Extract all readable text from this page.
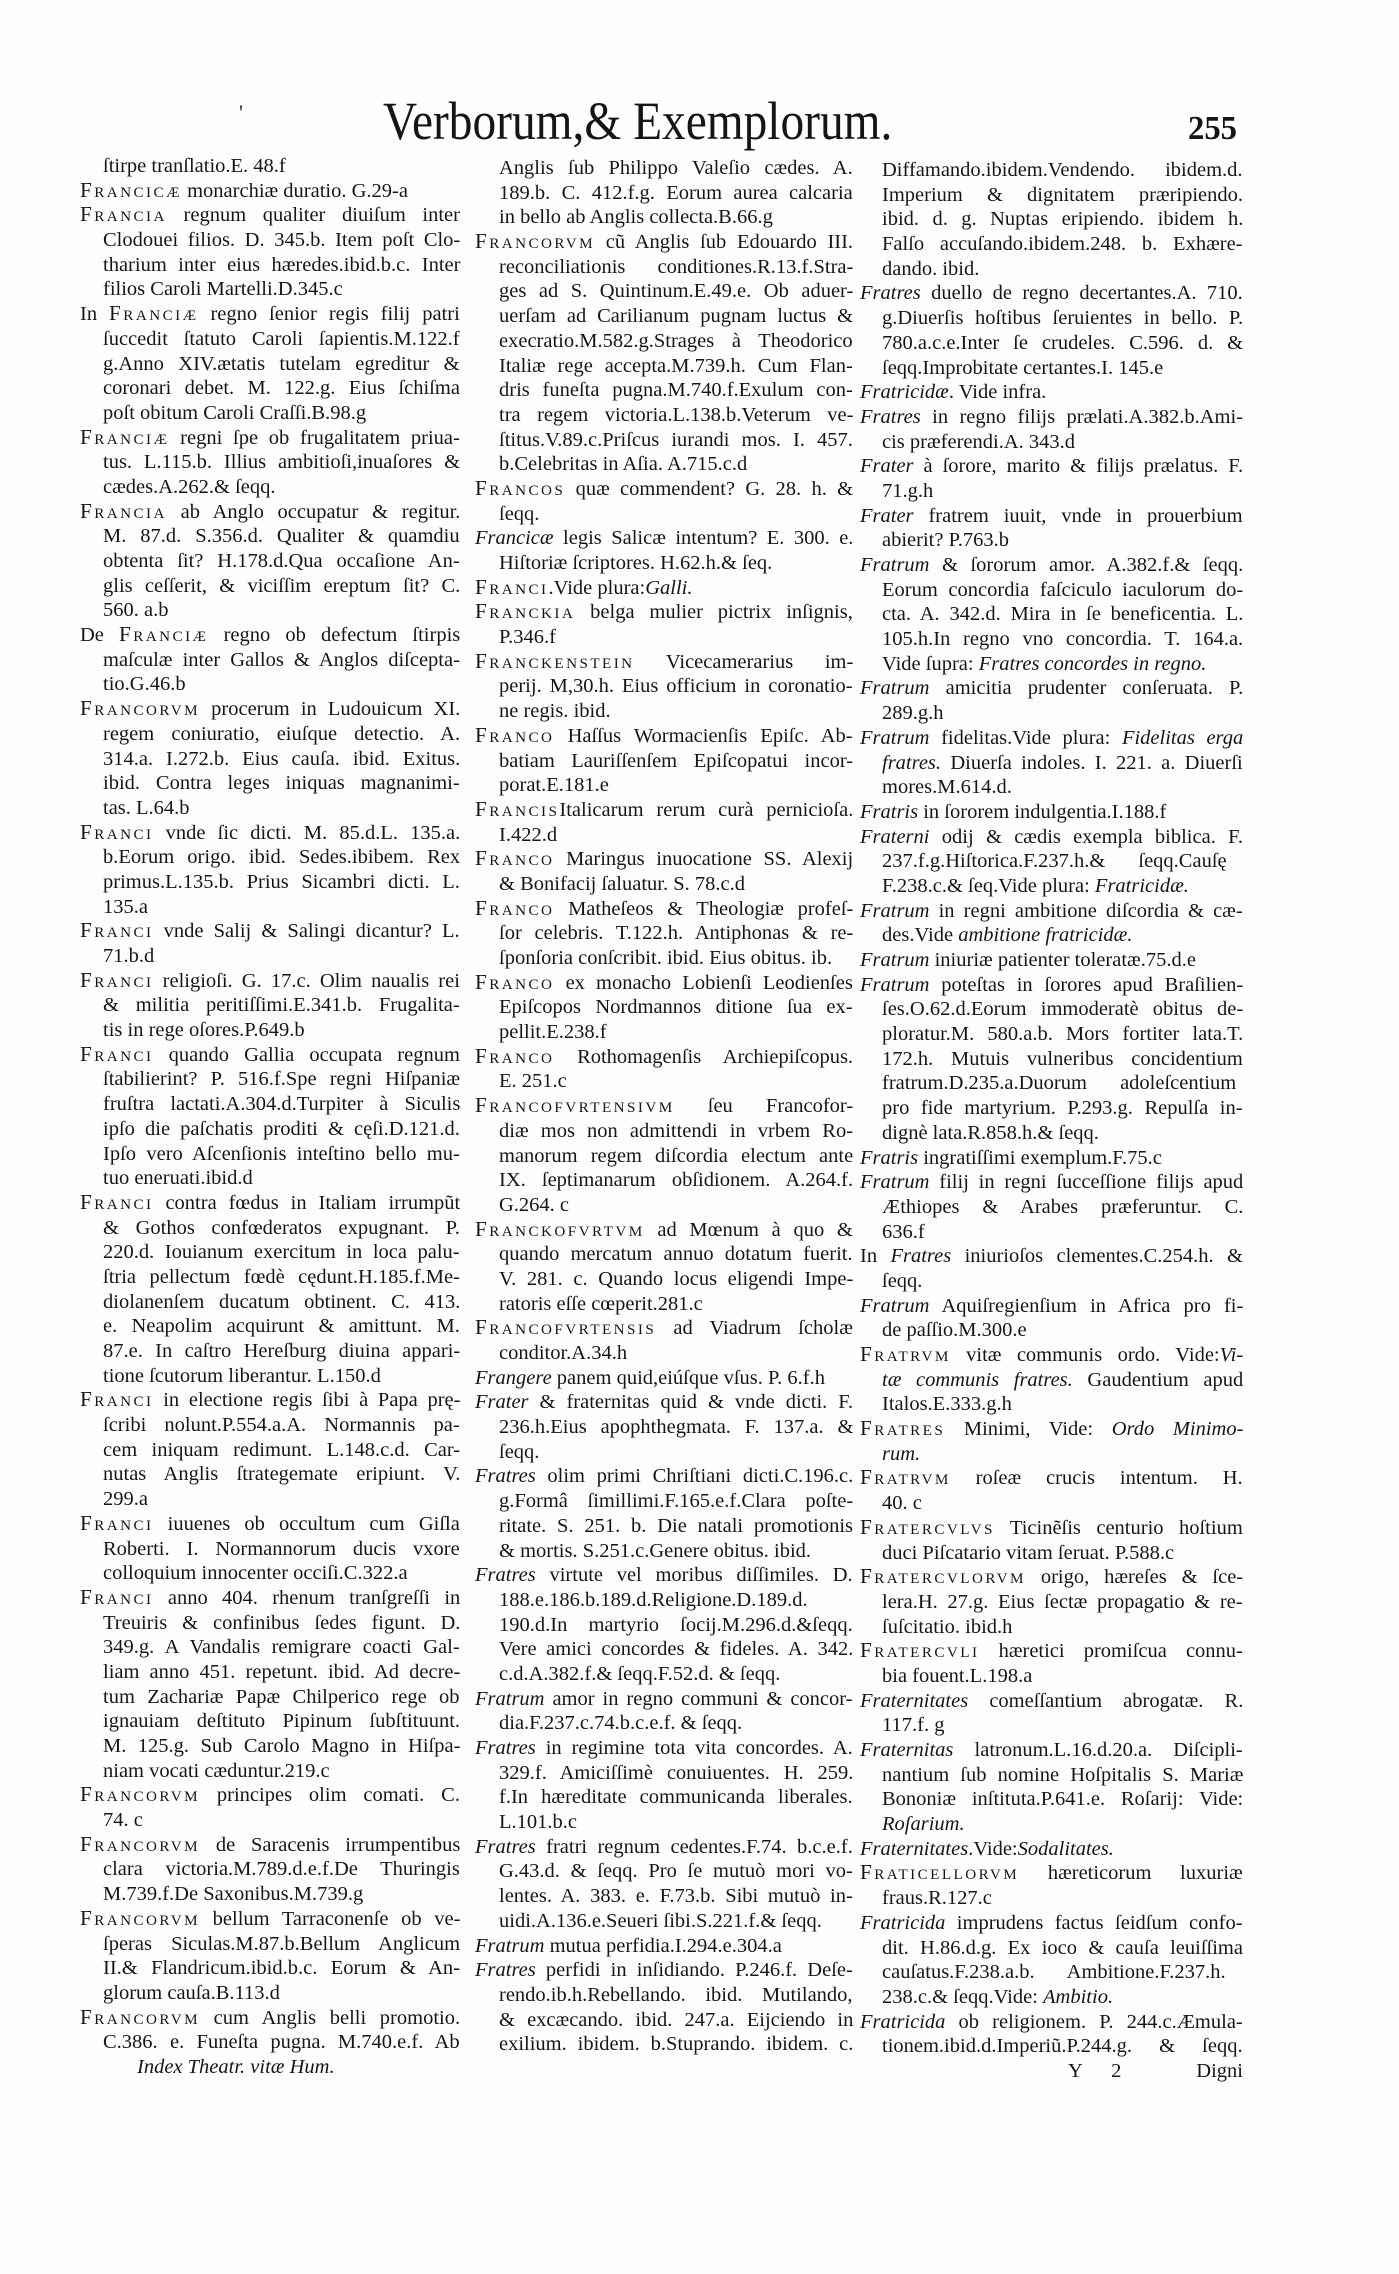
'	Verborum,& Exemplorum.	255
ſtirpe tranſlatio.E. 48.f
FRANCICÆ monarchiæ duratio. G.29-a
FRANCIA regnum qualiter diuiſum inter
Clodouei filios. D. 345.b. Item poſt Clo-
tharium inter eius hæredes.ibid.b.c. Inter
filios Caroli Martelli.D.345.c
In FRANCIÆ regno ſenior regis filij patri
ſuccedit ſtatuto Caroli ſapientis.M.122.f
g.Anno XIV.ætatis tutelam egreditur &
coronari debet. M. 122.g. Eius ſchiſma
poſt obitum Caroli Craſſi.B.98.g
FRANCIÆ regni ſpe ob frugalitatem priua-
tus. L.115.b. Illius ambitioſi,inuaſores &
cædes.A.262.& ſeqq.
FRANCIA ab Anglo occupatur & regitur.
M. 87.d. S.356.d. Qualiter & quamdiu
obtenta ſit? H.178.d.Qua occaſione An-
glis ceſſerit, & viciſſim ereptum ſit? C.
560. a.b
De FRANCIÆ regno ob defectum ſtirpis
maſculæ inter Gallos & Anglos diſcepta-
tio.G.46.b
FRANCORVM procerum in Ludouicum XI.
regem coniuratio, eiuſque detectio. A.
314.a. I.272.b. Eius cauſa. ibid. Exitus.
ibid. Contra leges iniquas magnanimi-
tas. L.64.b
FRANCI vnde ſic dicti. M. 85.d.L. 135.a.
b.Eorum origo. ibid. Sedes.ibibem. Rex
primus.L.135.b. Prius Sicambri dicti. L.
135.a
FRANCI vnde Salij & Salingi dicantur? L.
71.b.d
FRANCI religioſi. G. 17.c. Olim naualis rei
& militia peritiſſimi.E.341.b. Frugalita-
tis in rege oſores.P.649.b
FRANCI quando Gallia occupata regnum
ſtabilierint? P. 516.f.Spe regni Hiſpaniæ
fruſtra lactati.A.304.d.Turpiter à Siculis
ipſo die paſchatis proditi & cęſi.D.121.d.
Ipſo vero Aſcenſionis inteſtino bello mu-
tuo eneruati.ibid.d
FRANCI contra fœdus in Italiam irrumpũt
& Gothos confœderatos expugnant. P.
220.d. Iouianum exercitum in loca palu-
ſtria pellectum fœdè cędunt.H.185.f.Me-
diolanenſem ducatum obtinent. C. 413.
e. Neapolim acquirunt & amittunt. M.
87.e. In caſtro Hereſburg diuina appari-
tione ſcutorum liberantur. L.150.d
FRANCI in electione regis ſibi à Papa prę-
ſcribi nolunt.P.554.a.A. Normannis pa-
cem iniquam redimunt. L.148.c.d. Car-
nutas Anglis ſtrategemate eripiunt. V.
299.a
FRANCI iuuenes ob occultum cum Giſla
Roberti. I. Normannorum ducis vxore
colloquium innocenter occiſi.C.322.a
FRANCI anno 404. rhenum tranſgreſſi in
Treuiris & confinibus ſedes figunt. D.
349.g. A Vandalis remigrare coacti Gal-
liam anno 451. repetunt. ibid. Ad decre-
tum Zachariæ Papæ Chilperico rege ob
ignauiam deſtituto Pipinum ſubſtituunt.
M. 125.g. Sub Carolo Magno in Hiſpa-
niam vocati cæduntur.219.c
FRANCORVM principes olim comati. C.
74. c
FRANCORVM de Saracenis irrumpentibus
clara victoria.M.789.d.e.f.De Thuringis
M.739.f.De Saxonibus.M.739.g
FRANCORVM bellum Tarraconenſe ob ve-
ſperas Siculas.M.87.b.Bellum Anglicum
II.& Flandricum.ibid.b.c. Eorum & An-
glorum cauſa.B.113.d
FRANCORVM cum Anglis belli promotio.
C.386. e. Funeſta pugna. M.740.e.f. Ab
Index Theatr. vitæ Hum.
Anglis ſub Philippo Valeſio cædes. A.
189.b. C. 412.f.g. Eorum aurea calcaria
in bello ab Anglis collecta.B.66.g
FRANCORVM cũ Anglis ſub Edouardo III.
reconciliationis conditiones.R.13.f.Stra-
ges ad S. Quintinum.E.49.e. Ob aduer-
uerſam ad Carilianum pugnam luctus &
execratio.M.582.g.Strages à Theodorico
Italiæ rege accepta.M.739.h. Cum Flan-
dris funeſta pugna.M.740.f.Exulum con-
tra regem victoria.L.138.b.Veterum ve-
ſtitus.V.89.c.Priſcus iurandi mos. I. 457.
b.Celebritas in Aſia. A.715.c.d
FRANCOS quæ commendent? G. 28. h. &
ſeqq.
Francicæ legis Salicæ intentum? E. 300. e.
Hiſtoriæ ſcriptores. H.62.h.& ſeq.
FRANCI.Vide plura:Galli.
FRANCKIA belga mulier pictrix inſignis,
P.346.f
FRANCKENSTEIN Vicecamerarius im-
perij. M,30.h. Eius officium in coronatio-
ne regis. ibid.
FRANCO Haſſus Wormacienſis Epiſc. Ab-
batiam Lauriſſenſem Epiſcopatui incor-
porat.E.181.e
FRANCISItalicarum rerum curà pernicioſa.
I.422.d
FRANCO Maringus inuocatione SS. Alexij
& Bonifacij ſaluatur. S. 78.c.d
FRANCO Matheſeos & Theologiæ profeſ-
ſor celebris. T.122.h. Antiphonas & re-
ſponſoria conſcribit. ibid. Eius obitus. ib.
FRANCO ex monacho Lobienſi Leodienſes
Epiſcopos Nordmannos ditione ſua ex-
pellit.E.238.f
FRANCO Rothomagenſis Archiepiſcopus.
E. 251.c
FRANCOFVRTENSIVM ſeu Francofor-
diæ mos non admittendi in vrbem Ro-
manorum regem diſcordia electum ante
IX. ſeptimanarum obſidionem. A.264.f.
G.264. c
FRANCKOFVRTVM ad Mœnum à quo &
quando mercatum annuo dotatum fuerit.
V. 281. c. Quando locus eligendi Impe-
ratoris eſſe cœperit.281.c
FRANCOFVRTENSIS ad Viadrum ſcholæ
conditor.A.34.h
Frangere panem quid,eiúſque vſus. P. 6.f.h
Frater & fraternitas quid & vnde dicti. F.
236.h.Eius apophthegmata. F. 137.a. &
ſeqq.
Fratres olim primi Chriſtiani dicti.C.196.c.
g.Formâ ſimillimi.F.165.e.f.Clara poſte-
ritate. S. 251. b. Die natali promotionis
& mortis. S.251.c.Genere obitus. ibid.
Fratres virtute vel moribus diſſimiles. D.
188.e.186.b.189.d.Religione.D.189.d.
190.d.In martyrio ſocij.M.296.d.&ſeqq.
Vere amici concordes & fideles. A. 342.
c.d.A.382.f.& ſeqq.F.52.d. & ſeqq.
Fratrum amor in regno communi & concor-
dia.F.237.c.74.b.c.e.f. & ſeqq.
Fratres in regimine tota vita concordes. A.
329.f. Amiciſſimè conuiuentes. H. 259.
f.In hæreditate communicanda liberales.
L.101.b.c
Fratres fratri regnum cedentes.F.74. b.c.e.f.
G.43.d. & ſeqq. Pro ſe mutuò mori vo-
lentes. A. 383. e. F.73.b. Sibi mutuò in-
uidi.A.136.e.Seueri ſibi.S.221.f.& ſeqq.
Fratrum mutua perfidia.I.294.e.304.a
Fratres perfidi in inſidiando. P.246.f. Deſe-
rendo.ib.h.Rebellando. ibid. Mutilando,
& excæcando. ibid. 247.a. Eijciendo in
exilium. ibidem. b.Stuprando. ibidem. c.
Diffamando.ibidem.Vendendo. ibidem.d.
Imperium & dignitatem præripiendo.
ibid. d. g. Nuptas eripiendo. ibidem h.
Falſo accuſando.ibidem.248. b. Exhære-
dando. ibid.
Fratres duello de regno decertantes.A. 710.
g.Diuerſis hoſtibus ſeruientes in bello. P.
780.a.c.e.Inter ſe crudeles. C.596. d. &
ſeqq.Improbitate certantes.I. 145.e
Fratricidæ. Vide infra.
Fratres in regno filijs prælati.A.382.b.Ami-
cis præferendi.A. 343.d
Frater à ſorore, marito & filijs prælatus. F.
71.g.h
Frater fratrem iuuit, vnde in prouerbium
abierit? P.763.b
Fratrum & ſororum amor. A.382.f.& ſeqq.
Eorum concordia faſciculo iaculorum do-
cta. A. 342.d. Mira in ſe beneficentia. L.
105.h.In regno vno concordia. T. 164.a.
Vide ſupra: Fratres concordes in regno.
Fratrum amicitia prudenter conſeruata. P.
289.g.h
Fratrum fidelitas.Vide plura: Fidelitas erga
fratres. Diuerſa indoles. I. 221. a. Diuerſi
mores.M.614.d.
Fratris in ſororem indulgentia.I.188.f
Fraterni odij & cædis exempla biblica. F.
237.f.g.Hiſtorica.F.237.h.& ſeqq.Cauſę
F.238.c.& ſeq.Vide plura: Fratricidæ.
Fratrum in regni ambitione diſcordia & cæ-
des.Vide ambitione fratricidæ.
Fratrum iniuriæ patienter toleratæ.75.d.e
Fratrum poteſtas in ſorores apud Braſilien-
ſes.O.62.d.Eorum immoderatè obitus de-
ploratur.M. 580.a.b. Mors fortiter lata.T.
172.h. Mutuis vulneribus concidentium
fratrum.D.235.a.Duorum adoleſcentium
pro fide martyrium. P.293.g. Repulſa in-
dignè lata.R.858.h.& ſeqq.
Fratris ingratiſſimi exemplum.F.75.c
Fratrum filij in regni ſucceſſione filijs apud
Æthiopes & Arabes præferuntur. C.
636.f
In Fratres iniurioſos clementes.C.254.h. &
ſeqq.
Fratrum Aquiſregienſium in Africa pro fi-
de paſſio.M.300.e
FRATRVM vitæ communis ordo. Vide:Vi-
tæ communis fratres. Gaudentium apud
Italos.E.333.g.h
FRATRES Minimi, Vide: Ordo Minimo-
rum.
FRATRVM roſeæ crucis intentum. H.
40. c
FRATERCVLVS Ticinẽſis centurio hoſtium
duci Piſcatario vitam ſeruat. P.588.c
FRATERCVLORVM origo, hæreſes & ſce-
lera.H. 27.g. Eius ſectæ propagatio & re-
ſuſcitatio. ibid.h
FRATERCVLI hæretici promiſcua connu-
bia fouent.L.198.a
Fraternitates comeſſantium abrogatæ. R.
117.f. g
Fraternitas latronum.L.16.d.20.a. Diſcipli-
nantium ſub nomine Hoſpitalis S. Mariæ
Bononiæ inſtituta.P.641.e. Roſarij: Vide:
Roſarium.
Fraternitates.Vide:Sodalitates.
FRATICELLORVM hæreticorum luxuriæ
fraus.R.127.c
Fratricida imprudens factus ſeidſum confo-
dit. H.86.d.g. Ex ioco & cauſa leuiſſima
cauſatus.F.238.a.b. Ambitione.F.237.h.
238.c.& ſeqq.Vide: Ambitio.
Fratricida ob religionem. P. 244.c.Æmula-
tionem.ibid.d.Imperiũ.P.244.g. & ſeqq.
Y 2	Digni
